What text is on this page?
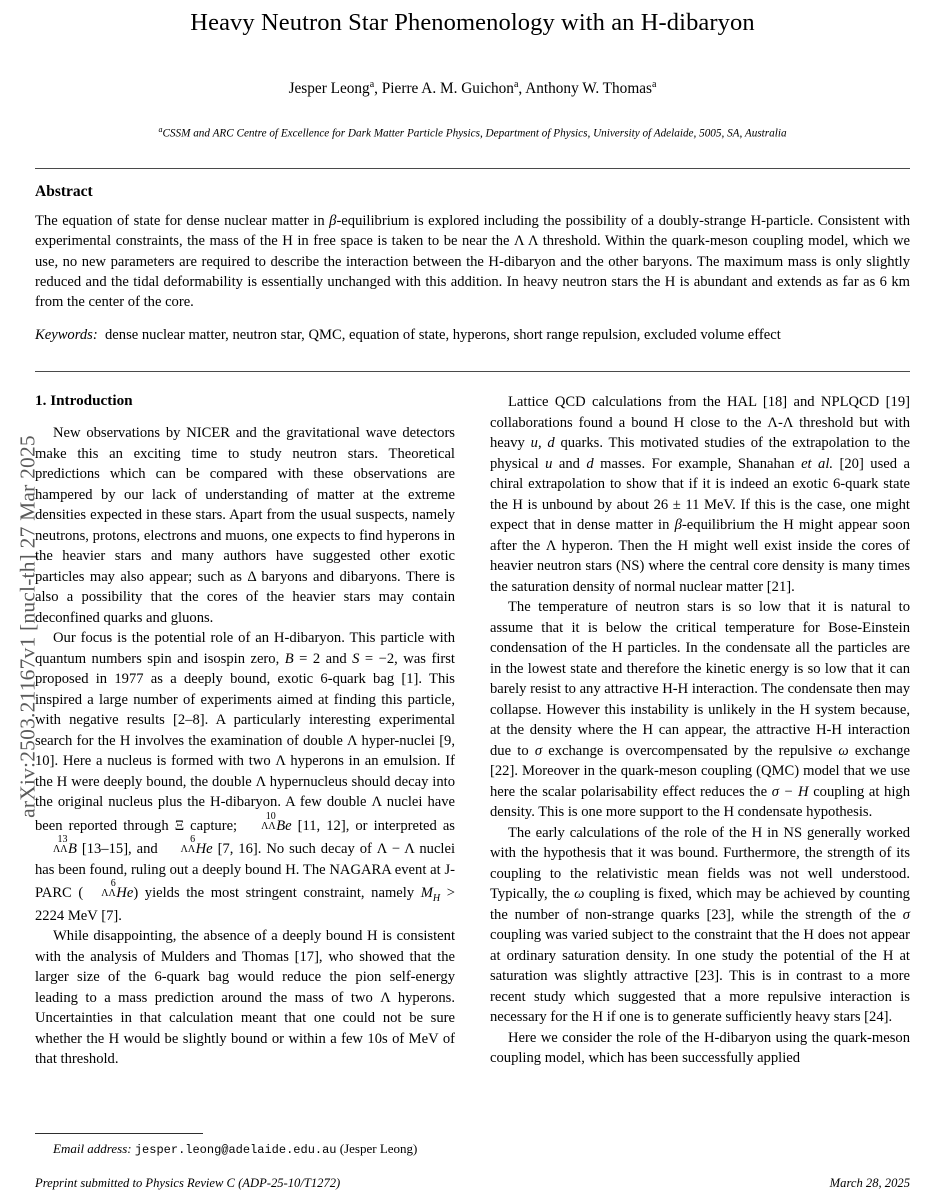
arXiv:2503.21167v1 [nucl-th] 27 Mar 2025
Heavy Neutron Star Phenomenology with an H-dibaryon
Jesper Leong$^a$, Pierre A. M. Guichon$^a$, Anthony W. Thomas$^a$
$^a$CSSM and ARC Centre of Excellence for Dark Matter Particle Physics, Department of Physics, University of Adelaide, 5005, SA, Australia
Abstract

The equation of state for dense nuclear matter in β-equilibrium is explored including the possibility of a doubly-strange H-particle. Consistent with experimental constraints, the mass of the H in free space is taken to be near the Λ Λ threshold. Within the quark-meson coupling model, which we use, no new parameters are required to describe the interaction between the H-dibaryon and the other baryons. The maximum mass is only slightly reduced and the tidal deformability is essentially unchanged with this addition. In heavy neutron stars the H is abundant and extends as far as 6 km from the center of the core.

Keywords: dense nuclear matter, neutron star, QMC, equation of state, hyperons, short range repulsion, excluded volume effect

1. Introduction

New observations by NICER and the gravitational wave detectors make this an exciting time to study neutron stars. Theoretical predictions which can be compared with these observations are hampered by our lack of understanding of matter at the extreme densities expected in these stars. Apart from the usual suspects, namely neutrons, protons, electrons and muons, one expects to find hyperons in the heavier stars and many authors have suggested other exotic particles may also appear; such as Δ baryons and dibaryons. There is also a possibility that the cores of the heavier stars may contain deconfined quarks and gluons.

Our focus is the potential role of an H-dibaryon. This particle with quantum numbers spin and isospin zero, B = 2 and S = −2, was first proposed in 1977 as a deeply bound, exotic 6-quark bag [1]. This inspired a large number of experiments aimed at finding this particle, with negative results [2–8]. A particularly interesting experimental search for the H involves the examination of double Λ hyper-nuclei [9, 10]. Here a nucleus is formed with two Λ hyperons in an emulsion. If the H were deeply bound, the double Λ hypernucleus should decay into the original nucleus plus the H-dibaryon. A few double Λ nuclei have been reported through Ξ capture;
10
ΛΛ Be [11, 12], or interpreted as
13
ΛΛ B [13–15], and
6
ΛΛ He [7, 16]. No such decay of Λ − Λ nuclei has been found, ruling out a deeply bound H. The NAGARA event at J-PARC (
6
ΛΛ He) yields the most stringent constraint, namely $M_H > 2224$ MeV [7].

While disappointing, the absence of a deeply bound H is consistent with the analysis of Mulders and Thomas [17], who showed that the larger size of the 6-quark bag would reduce the pion self-energy leading to a mass prediction around the mass of two Λ hyperons. Uncertainties in that calculation meant that one could not be sure whether the H would be slightly bound or within a few 10s of MeV of that threshold.

Lattice QCD calculations from the HAL [18] and NPLQCD [19] collaborations found a bound H close to the Λ-Λ threshold but with heavy u, d quarks. This motivated studies of the extrapolation to the physical u and d masses. For example, Shanahan et al. [20] used a chiral extrapolation to show that if it is indeed an exotic 6-quark state the H is unbound by about 26 ± 11 MeV. If this is the case, one might expect that in dense matter in β-equilibrium the H might appear soon after the Λ hyperon. Then the H might well exist inside the cores of heavier neutron stars (NS) where the central core density is many times the saturation density of normal nuclear matter [21].

The temperature of neutron stars is so low that it is natural to assume that it is below the critical temperature for Bose-Einstein condensation of the H particles. In the condensate all the particles are in the lowest state and therefore the kinetic energy is so low that it can barely resist to any attractive H-H interaction. The condensate then may collapse. However this instability is unlikely in the H system because, at the density where the H can appear, the attractive H-H interaction due to σ exchange is overcompensated by the repulsive ω exchange [22]. Moreover in the quark-meson coupling (QMC) model that we use here the scalar polarisability effect reduces the σ − H coupling at high density. This is one more support to the H condensate hypothesis.

The early calculations of the role of the H in NS generally worked with the hypothesis that it was bound. Furthermore, the strength of its coupling to the relativistic mean fields was not well understood. Typically, the ω coupling is fixed, which may be achieved by counting the number of non-strange quarks [23], while the strength of the σ coupling was varied subject to the constraint that the H does not appear at ordinary saturation density. In one study the potential of the H at saturation was slightly attractive [23]. This is in contrast to a more recent study which suggested that a more repulsive interaction is necessary for the H if one is to generate sufficiently heavy stars [24].

Here we consider the role of the H-dibaryon using the quark-meson coupling model, which has been successfully applied

Email address: jesper.leong@adelaide.edu.au (Jesper Leong)

Preprint submitted to Physics Review C (ADP-25-10/T1272)	March 28, 2025
